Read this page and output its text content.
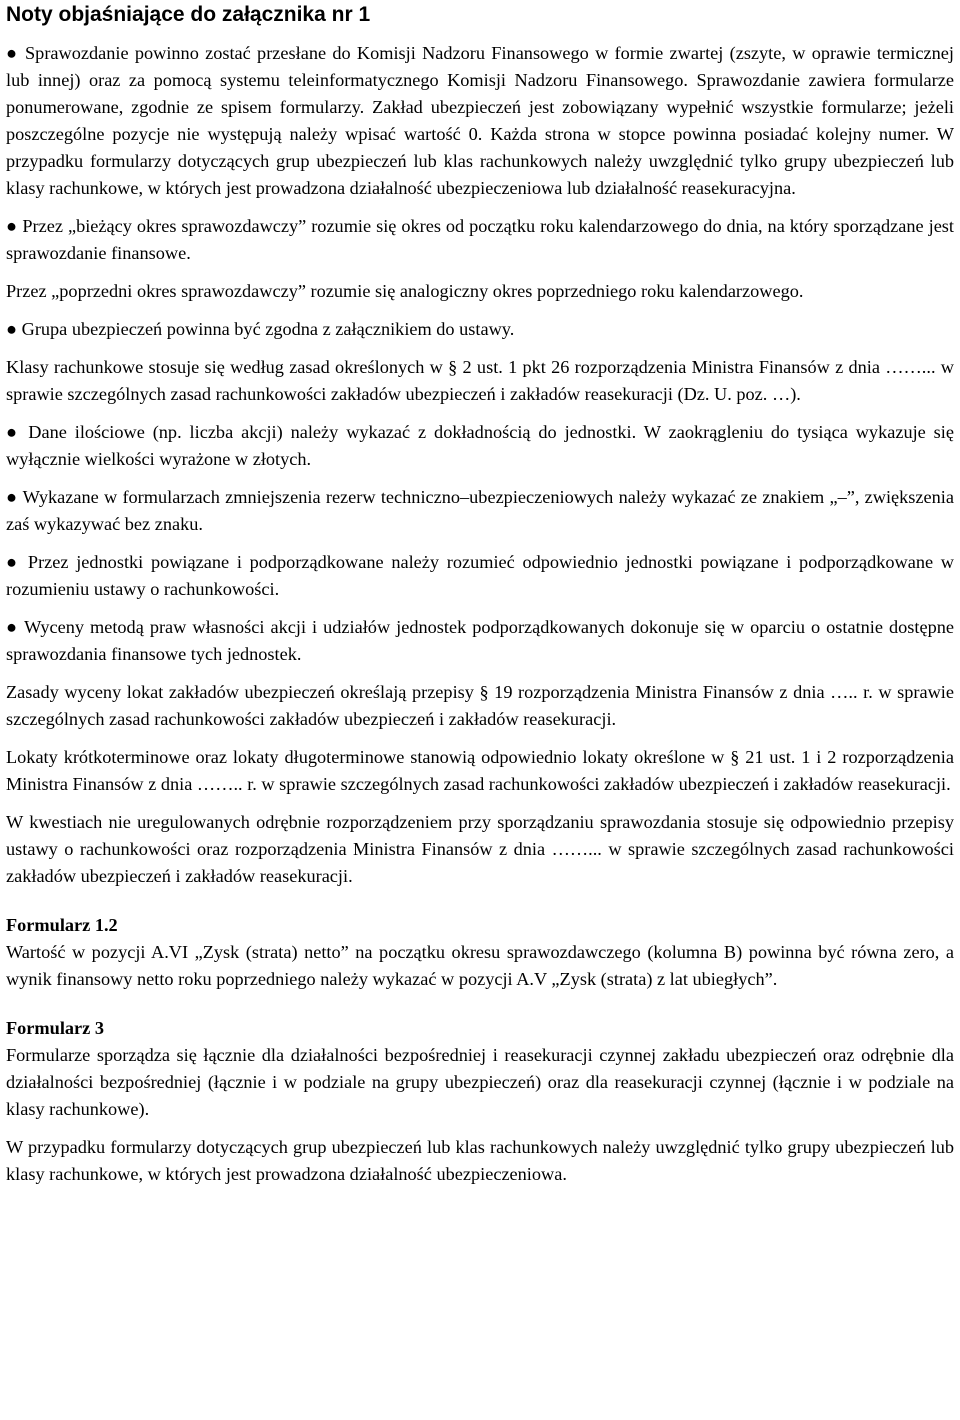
Noty objaśniające do załącznika nr 1

● Sprawozdanie powinno zostać przesłane do Komisji Nadzoru Finansowego w formie zwartej (zszyte, w oprawie termicznej lub innej) oraz za pomocą systemu teleinformatycznego Komisji Nadzoru Finansowego. Sprawozdanie zawiera formularze ponumerowane, zgodnie ze spisem formularzy. Zakład ubezpieczeń jest zobowiązany wypełnić wszystkie formularze; jeżeli poszczególne pozycje nie występują należy wpisać wartość 0. Każda strona w stopce powinna posiadać kolejny numer. W przypadku formularzy dotyczących grup ubezpieczeń lub klas rachunkowych należy uwzględnić tylko grupy ubezpieczeń lub klasy rachunkowe, w których jest prowadzona działalność ubezpieczeniowa lub działalność reasekuracyjna.

● Przez „bieżący okres sprawozdawczy” rozumie się okres od początku roku kalendarzowego do dnia, na który sporządzane jest sprawozdanie finansowe.

Przez „poprzedni okres sprawozdawczy” rozumie się analogiczny okres poprzedniego roku kalendarzowego.

● Grupa ubezpieczeń powinna być zgodna z załącznikiem do ustawy.

Klasy rachunkowe stosuje się według zasad określonych w § 2 ust. 1 pkt 26 rozporządzenia Ministra Finansów z dnia ……... w sprawie szczególnych zasad rachunkowości zakładów ubezpieczeń i zakładów reasekuracji (Dz. U. poz. …).

● Dane ilościowe (np. liczba akcji) należy wykazać z dokładnością do jednostki. W zaokrągleniu do tysiąca wykazuje się wyłącznie wielkości wyrażone w złotych.

● Wykazane w formularzach zmniejszenia rezerw techniczno–ubezpieczeniowych należy wykazać ze znakiem „–”, zwiększenia zaś wykazywać bez znaku.

● Przez jednostki powiązane i podporządkowane należy rozumieć odpowiednio jednostki powiązane i podporządkowane w rozumieniu ustawy o rachunkowości.

● Wyceny metodą praw własności akcji i udziałów jednostek podporządkowanych dokonuje się w oparciu o ostatnie dostępne sprawozdania finansowe tych jednostek.

Zasady wyceny lokat zakładów ubezpieczeń określają przepisy § 19 rozporządzenia Ministra Finansów z dnia ….. r. w sprawie szczególnych zasad rachunkowości zakładów ubezpieczeń i zakładów reasekuracji.

Lokaty krótkoterminowe oraz lokaty długoterminowe stanowią odpowiednio lokaty określone w § 21 ust. 1 i 2 rozporządzenia Ministra Finansów z dnia …….. r. w sprawie szczególnych zasad rachunkowości zakładów ubezpieczeń i zakładów reasekuracji.

W kwestiach nie uregulowanych odrębnie rozporządzeniem przy sporządzaniu sprawozdania stosuje się odpowiednio przepisy ustawy o rachunkowości oraz rozporządzenia Ministra Finansów z dnia ……... w sprawie szczególnych zasad rachunkowości zakładów ubezpieczeń i zakładów reasekuracji.

Formularz 1.2

Wartość w pozycji A.VI „Zysk (strata) netto” na początku okresu sprawozdawczego (kolumna B) powinna być równa zero, a wynik finansowy netto roku poprzedniego należy wykazać w pozycji A.V „Zysk (strata) z lat ubiegłych”.

Formularz 3

Formularze sporządza się łącznie dla działalności bezpośredniej i reasekuracji czynnej zakładu ubezpieczeń oraz odrębnie dla działalności bezpośredniej (łącznie i w podziale na grupy ubezpieczeń) oraz dla reasekuracji czynnej (łącznie i w podziale na klasy rachunkowe).

W przypadku formularzy dotyczących grup ubezpieczeń lub klas rachunkowych należy uwzględnić tylko grupy ubezpieczeń lub klasy rachunkowe, w których jest prowadzona działalność ubezpieczeniowa.
